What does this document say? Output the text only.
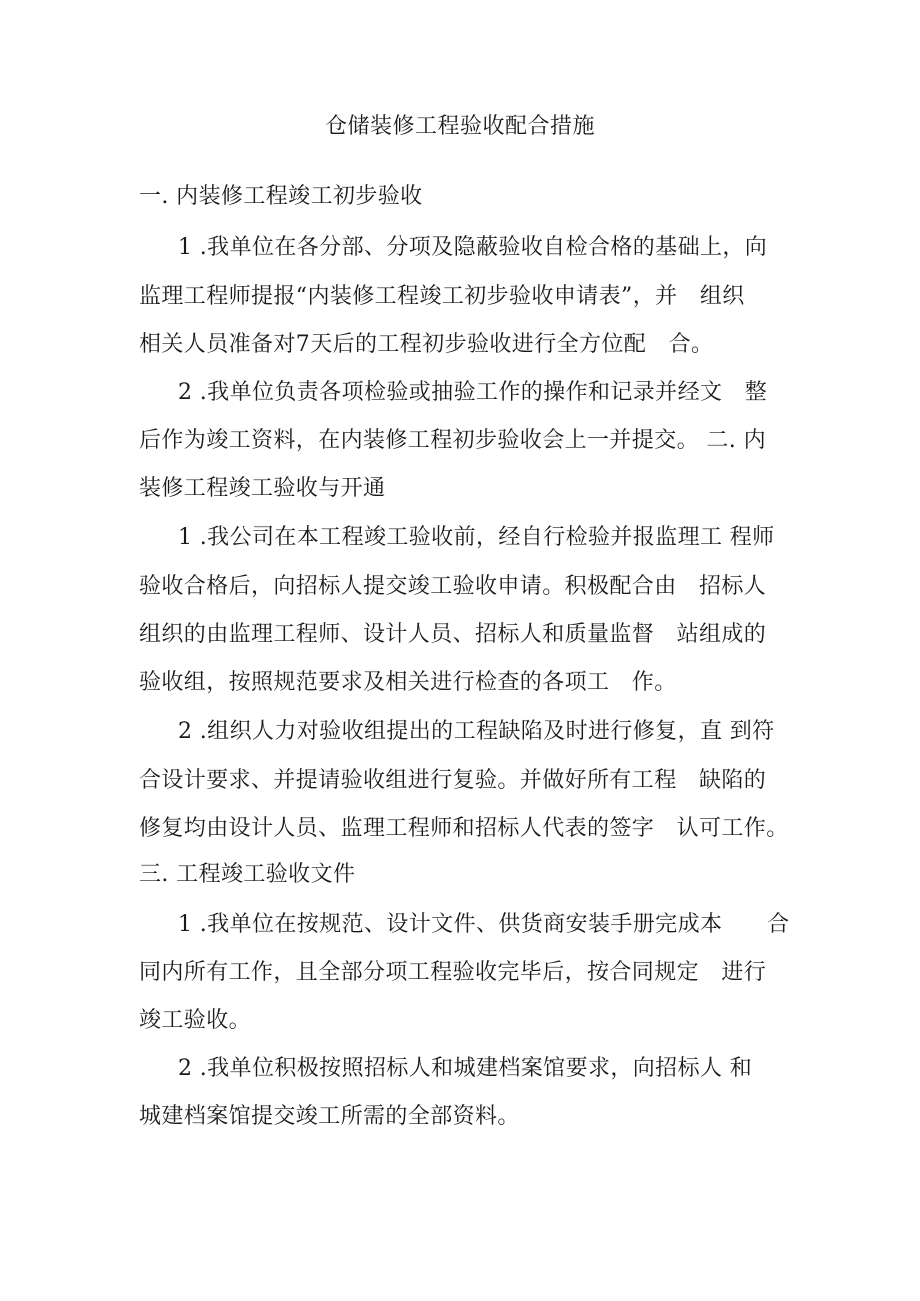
仓储装修工程验收配合措施
一. 内装修工程竣工初步验收
1 .我单位在各分部、分项及隐蔽验收自检合格的基础上，向
监理工程师提报“内装修工程竣工初步验收申请表”，并　组织
相关人员准备对7天后的工程初步验收进行全方位配　合。
2 .我单位负责各项检验或抽验工作的操作和记录并经文　整
后作为竣工资料，在内装修工程初步验收会上一并提交。 二. 内
装修工程竣工验收与开通
1 .我公司在本工程竣工验收前，经自行检验并报监理工 程师
验收合格后，向招标人提交竣工验收申请。积极配合由　招标人
组织的由监理工程师、设计人员、招标人和质量监督　站组成的
验收组，按照规范要求及相关进行检查的各项工　作。
2 .组织人力对验收组提出的工程缺陷及时进行修复，直 到符
合设计要求、并提请验收组进行复验。并做好所有工程　缺陷的
修复均由设计人员、监理工程师和招标人代表的签字　认可工作。
三. 工程竣工验收文件
1 .我单位在按规范、设计文件、供货商安装手册完成本　　合
同内所有工作，且全部分项工程验收完毕后，按合同规定　进行
竣工验收。
2 .我单位积极按照招标人和城建档案馆要求，向招标人 和
城建档案馆提交竣工所需的全部资料。
